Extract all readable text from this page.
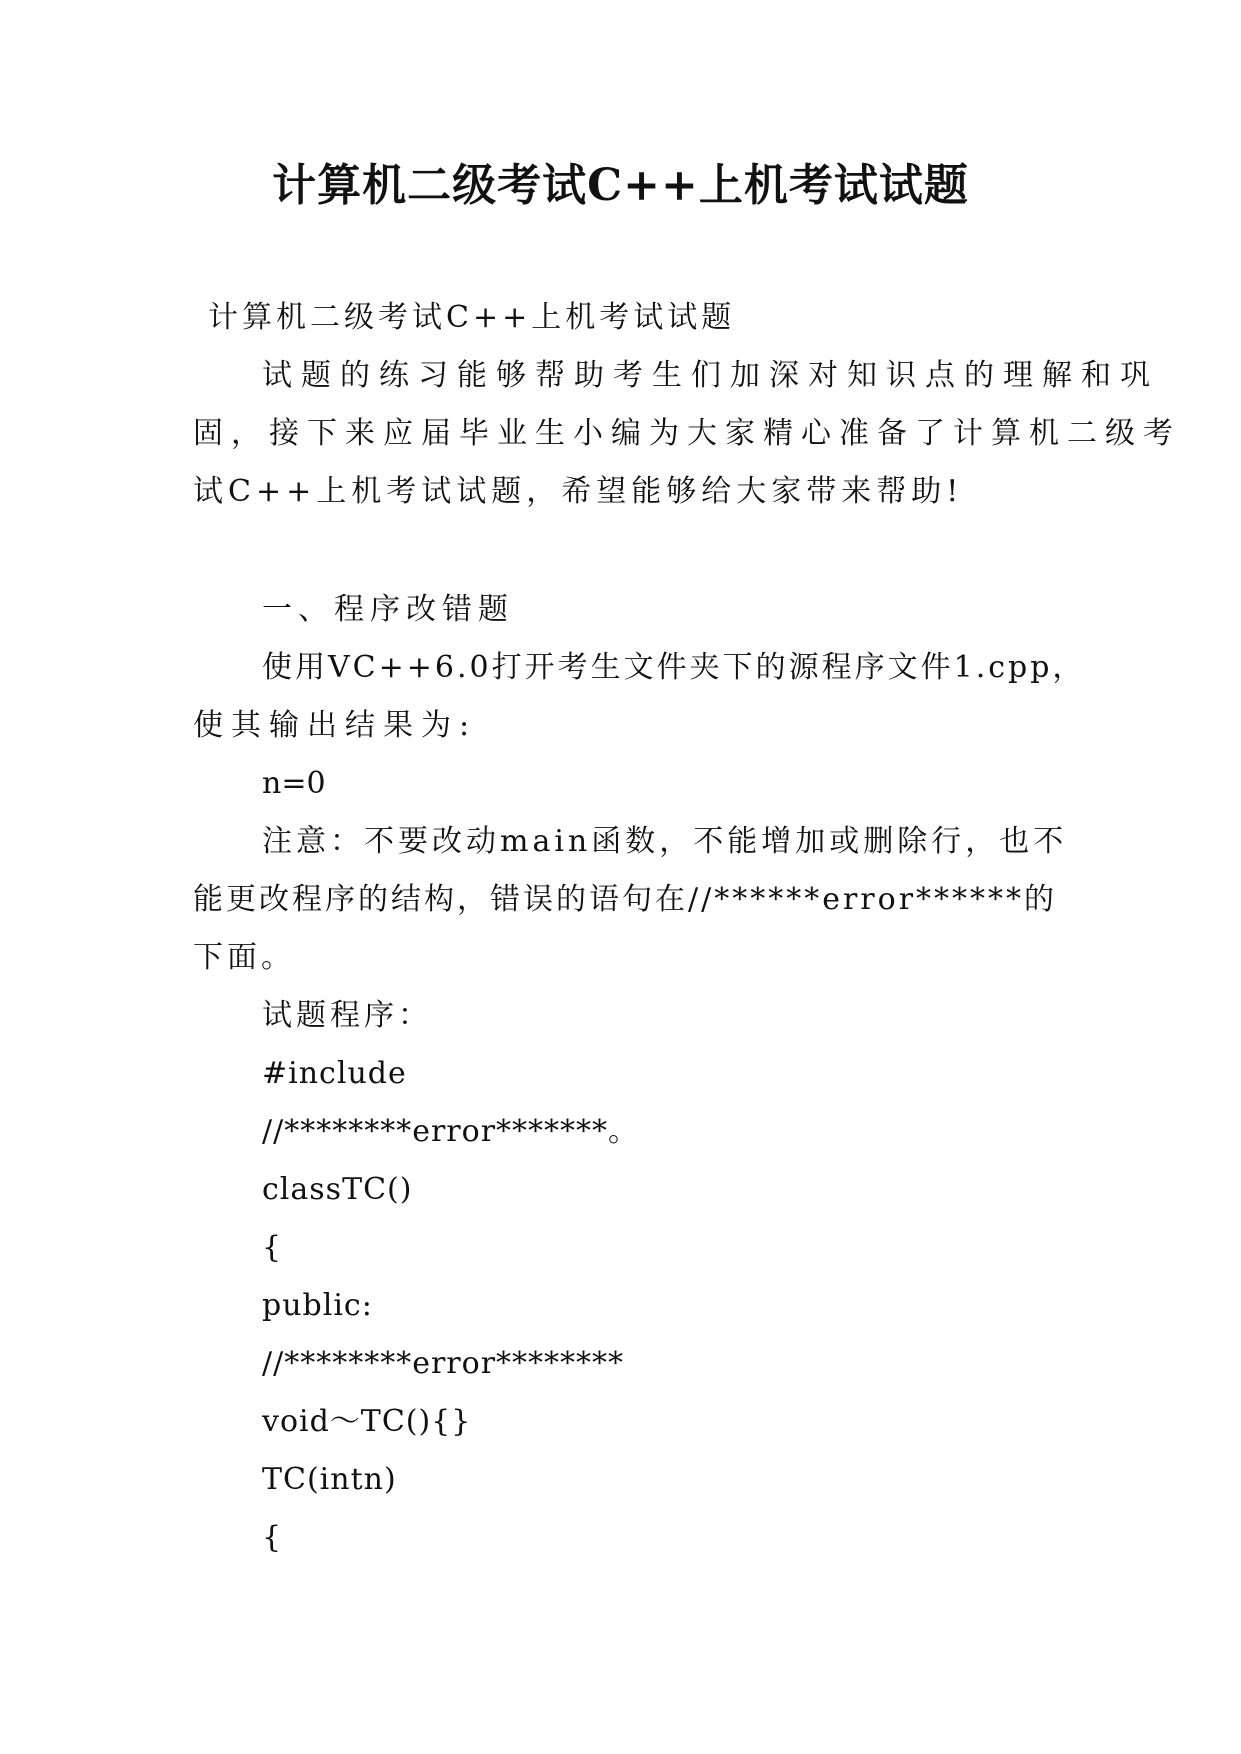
计算机二级考试C++上机考试试题
计算机二级考试C++上机考试试题
试题的练习能够帮助考生们加深对知识点的理解和巩
固，接下来应届毕业生小编为大家精心准备了计算机二级考
试C++上机考试试题，希望能够给大家带来帮助!
一、程序改错题
使用VC++6.0打开考生文件夹下的源程序文件1.cpp，
使其输出结果为:
n=0
注意：不要改动main函数，不能增加或删除行，也不
能更改程序的结构，错误的语句在//******error******的
下面。
试题程序：
#include
//********error*******。
classTC()
{
public:
//********error********
void～TC(){}
TC(intn)
{
